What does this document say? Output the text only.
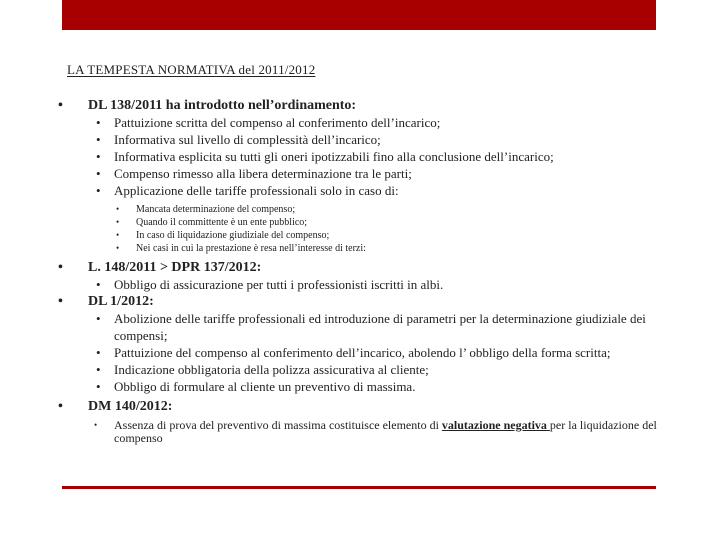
LA TEMPESTA NORMATIVA del 2011/2012
• DL 138/2011 ha introdotto nell’ordinamento:
• Pattuizione scritta del compenso al conferimento dell’incarico;
• Informativa sul livello di complessità dell’incarico;
• Informativa esplicita su tutti gli oneri ipotizzabili fino alla conclusione dell’incarico;
• Compenso rimesso alla libera determinazione tra le parti;
• Applicazione delle tariffe professionali solo in caso di:
• Mancata determinazione del compenso;
• Quando il committente è un ente pubblico;
• In caso di liquidazione giudiziale del compenso;
• Nei casi in cui la prestazione è resa nell’interesse di terzi:
• L. 148/2011 > DPR 137/2012:
• Obbligo di assicurazione per tutti i professionisti iscritti in albi.
• DL 1/2012:
• Abolizione delle tariffe professionali ed introduzione di parametri per la determinazione giudiziale dei compensi;
• Pattuizione del compenso al conferimento dell’incarico, abolendo l’ obbligo della forma scritta;
• Indicazione obbligatoria della polizza assicurativa al cliente;
• Obbligo di formulare al cliente un preventivo di massima.
• DM 140/2012:
• Assenza di prova del preventivo di massima costituisce elemento di valutazione negativa per la liquidazione del compenso
